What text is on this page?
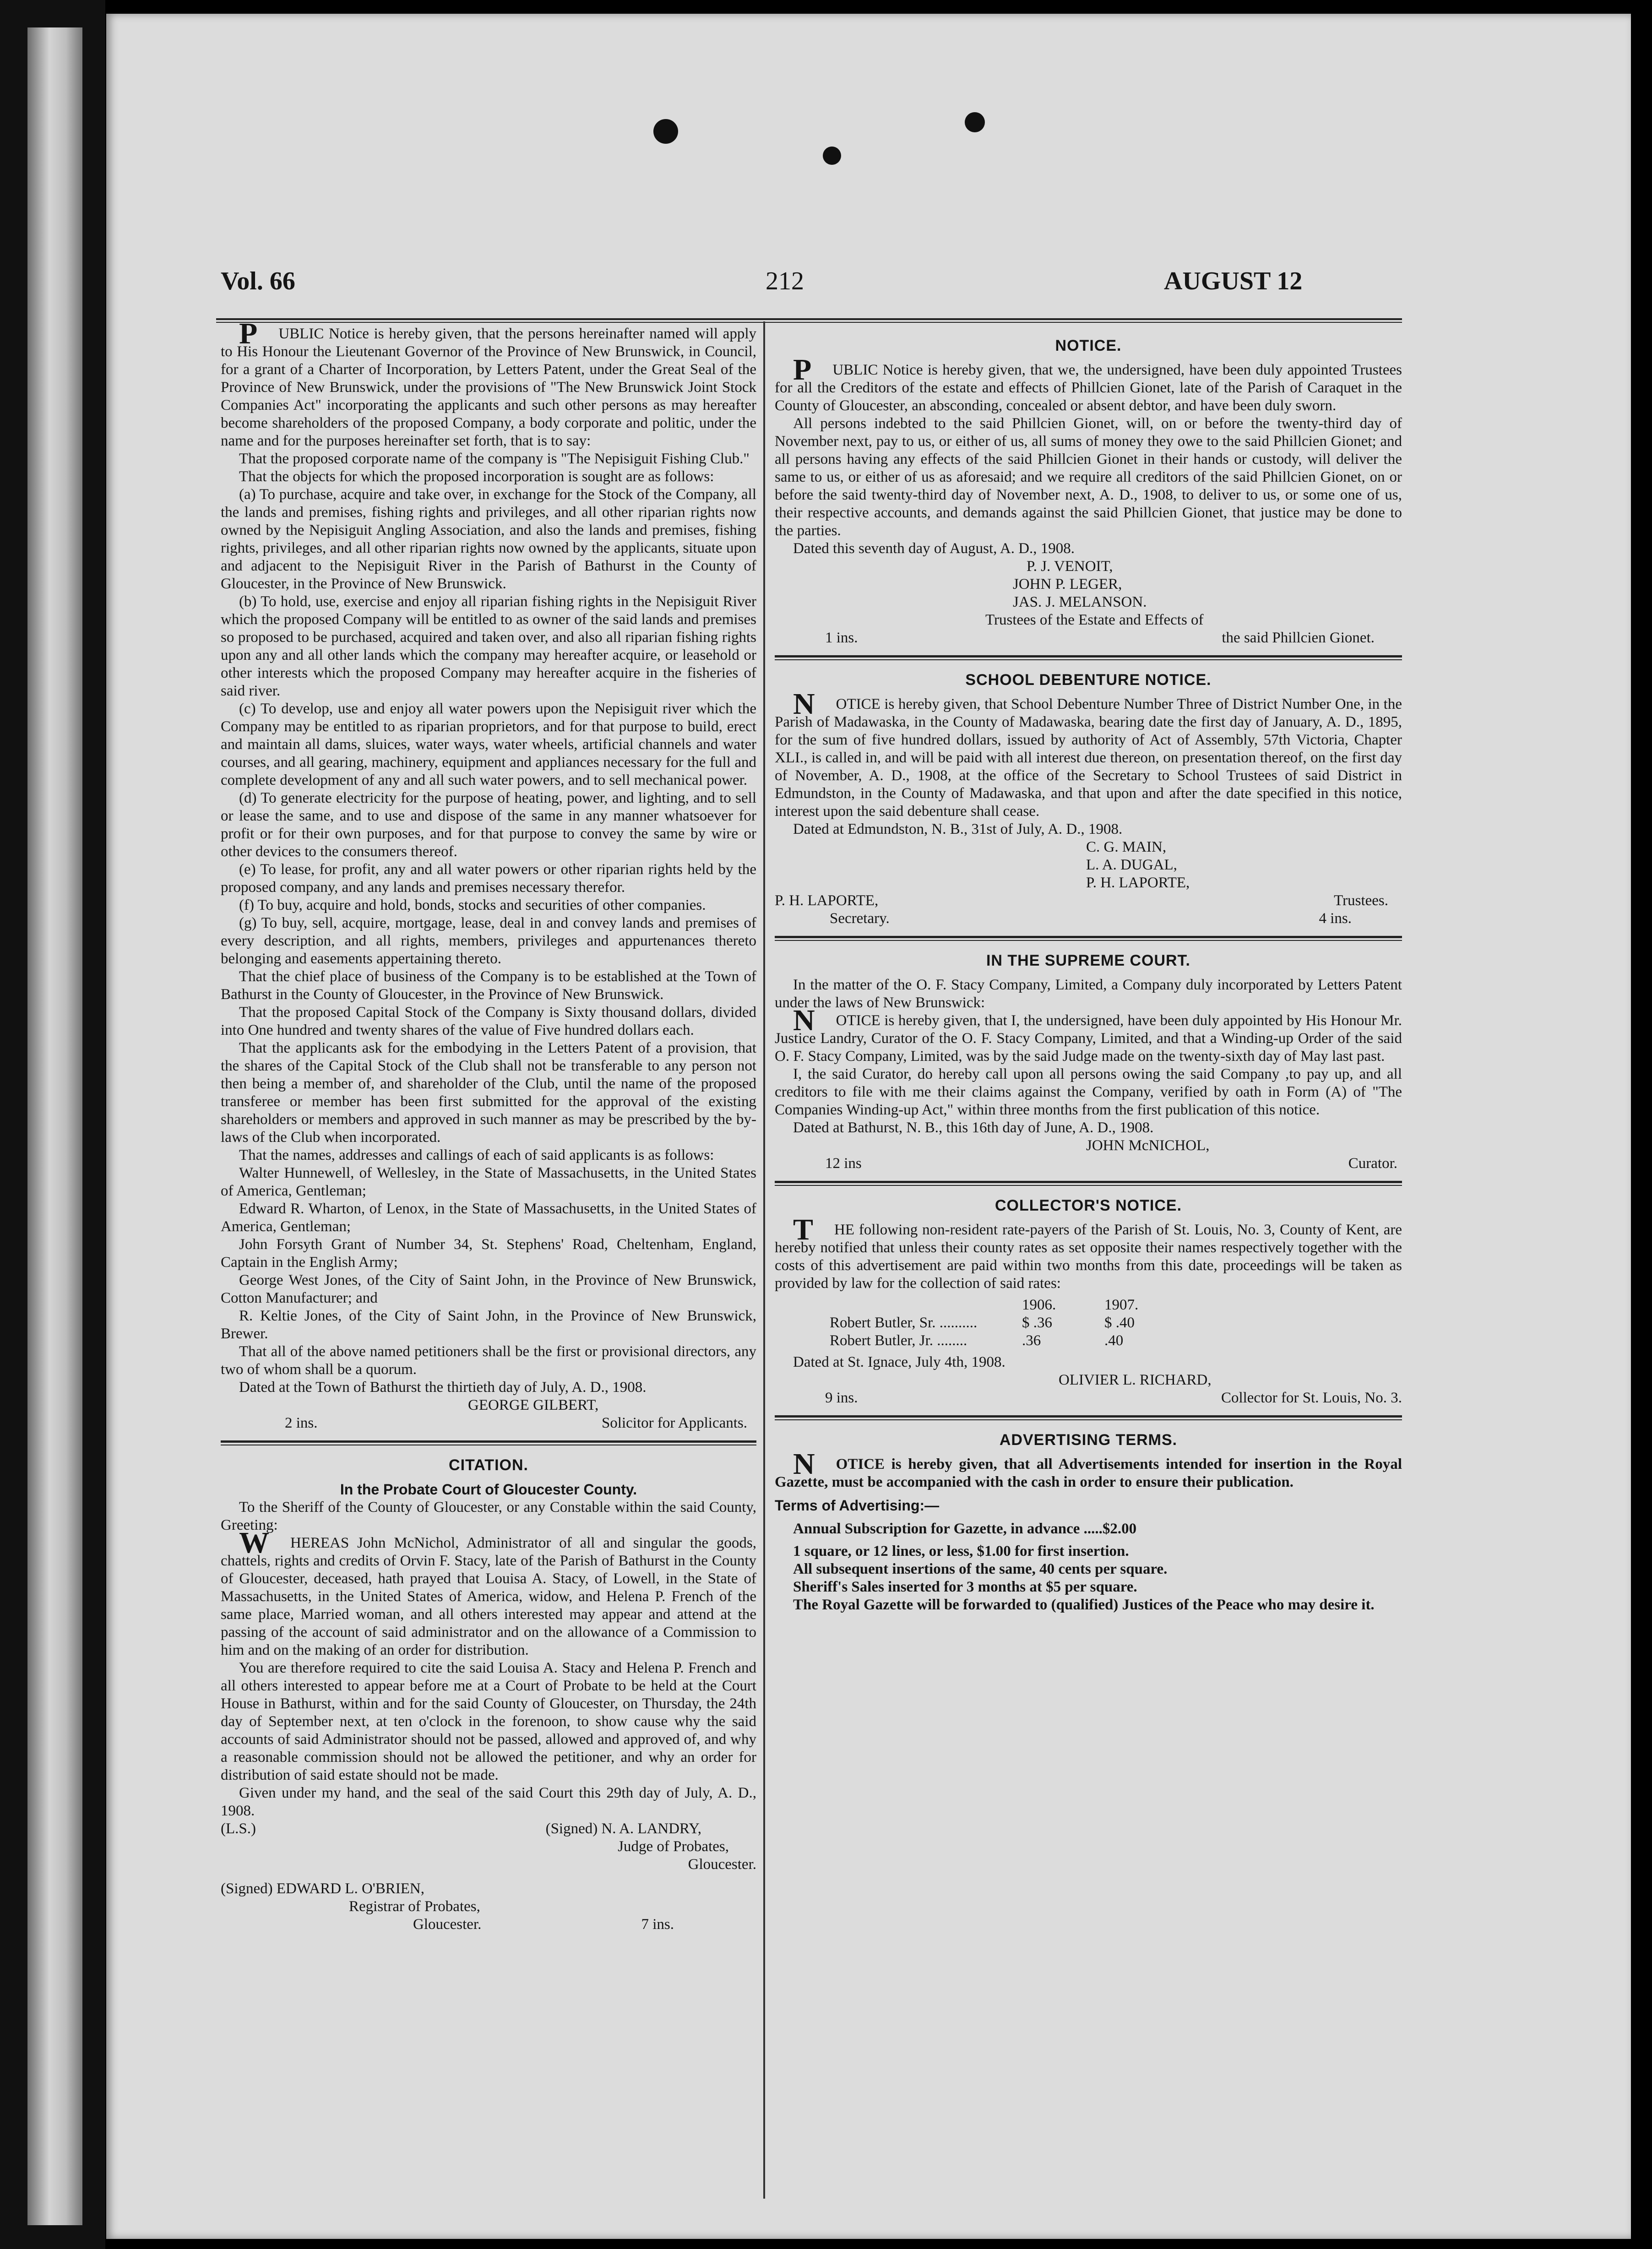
Vol. 66	212	AUGUST 12

PUBLIC Notice is hereby given, that the persons hereinafter named will apply to His Honour the Lieutenant Governor of the Province of New Brunswick, in Council, for a grant of a Charter of Incorporation, by Letters Patent, under the Great Seal of the Province of New Brunswick, under the provisions of "The New Brunswick Joint Stock Companies Act" incorporating the applicants and such other persons as may hereafter become shareholders of the proposed Company, a body corporate and politic, under the name and for the purposes hereinafter set forth, that is to say:

That the proposed corporate name of the company is "The Nepisiguit Fishing Club."

That the objects for which the proposed incorporation is sought are as follows:

(a) To purchase, acquire and take over, in exchange for the Stock of the Company, all the lands and premises, fishing rights and privileges, and all other riparian rights now owned by the Nepisiguit Angling Association, and also the lands and premises, fishing rights, privileges, and all other riparian rights now owned by the applicants, situate upon and adjacent to the Nepisiguit River in the Parish of Bathurst in the County of Gloucester, in the Province of New Brunswick.

(b) To hold, use, exercise and enjoy all riparian fishing rights in the Nepisiguit River which the proposed Company will be entitled to as owner of the said lands and premises so proposed to be purchased, acquired and taken over, and also all riparian fishing rights upon any and all other lands which the company may hereafter acquire, or leasehold or other interests which the proposed Company may hereafter acquire in the fisheries of said river.

(c) To develop, use and enjoy all water powers upon the Nepisiguit river which the Company may be entitled to as riparian proprietors, and for that purpose to build, erect and maintain all dams, sluices, water ways, water wheels, artificial channels and water courses, and all gearing, machinery, equipment and appliances necessary for the full and complete development of any and all such water powers, and to sell mechanical power.

(d) To generate electricity for the purpose of heating, power, and lighting, and to sell or lease the same, and to use and dispose of the same in any manner whatsoever for profit or for their own purposes, and for that purpose to convey the same by wire or other devices to the consumers thereof.

(e) To lease, for profit, any and all water powers or other riparian rights held by the proposed company, and any lands and premises necessary therefor.

(f) To buy, acquire and hold, bonds, stocks and securities of other companies.

(g) To buy, sell, acquire, mortgage, lease, deal in and convey lands and premises of every description, and all rights, members, privileges and appurtenances thereto belonging and easements appertaining thereto.

That the chief place of business of the Company is to be established at the Town of Bathurst in the County of Gloucester, in the Province of New Brunswick.

That the proposed Capital Stock of the Company is Sixty thousand dollars, divided into One hundred and twenty shares of the value of Five hundred dollars each.

That the applicants ask for the embodying in the Letters Patent of a provision, that the shares of the Capital Stock of the Club shall not be transferable to any person not then being a member of, and shareholder of the Club, until the name of the proposed transferee or member has been first submitted for the approval of the existing shareholders or members and approved in such manner as may be prescribed by the by-laws of the Club when incorporated.

That the names, addresses and callings of each of said applicants is as follows:

Walter Hunnewell, of Wellesley, in the State of Massachusetts, in the United States of America, Gentleman;

Edward R. Wharton, of Lenox, in the State of Massachusetts, in the United States of America, Gentleman;

John Forsyth Grant of Number 34, St. Stephens' Road, Cheltenham, England, Captain in the English Army;

George West Jones, of the City of Saint John, in the Province of New Brunswick, Cotton Manufacturer; and

R. Keltie Jones, of the City of Saint John, in the Province of New Brunswick, Brewer.

That all of the above named petitioners shall be the first or provisional directors, any two of whom shall be a quorum.

Dated at the Town of Bathurst the thirtieth day of July, A. D., 1908.

GEORGE GILBERT,

2 ins.	Solicitor for Applicants.

CITATION.

In the Probate Court of Gloucester County.

To the Sheriff of the County of Gloucester, or any Constable within the said County, Greeting:

WHEREAS John McNichol, Administrator of all and singular the goods, chattels, rights and credits of Orvin F. Stacy, late of the Parish of Bathurst in the County of Gloucester, deceased, hath prayed that Louisa A. Stacy, of Lowell, in the State of Massachusetts, in the United States of America, widow, and Helena P. French of the same place, Married woman, and all others interested may appear and attend at the passing of the account of said administrator and on the allowance of a Commission to him and on the making of an order for distribution.

You are therefore required to cite the said Louisa A. Stacy and Helena P. French and all others interested to appear before me at a Court of Probate to be held at the Court House in Bathurst, within and for the said County of Gloucester, on Thursday, the 24th day of September next, at ten o'clock in the forenoon, to show cause why the said accounts of said Administrator should not be passed, allowed and approved of, and why a reasonable commission should not be allowed the petitioner, and why an order for distribution of said estate should not be made.

Given under my hand, and the seal of the said Court this 29th day of July, A. D., 1908.

(L.S.)	(Signed) N. A. LANDRY,

Judge of Probates,

Gloucester.

(Signed) EDWARD L. O'BRIEN,

Registrar of Probates,

Gloucester.	7 ins.

NOTICE.

PUBLIC Notice is hereby given, that we, the undersigned, have been duly appointed Trustees for all the Creditors of the estate and effects of Phillcien Gionet, late of the Parish of Caraquet in the County of Gloucester, an absconding, concealed or absent debtor, and have been duly sworn.

All persons indebted to the said Phillcien Gionet, will, on or before the twenty-third day of November next, pay to us, or either of us, all sums of money they owe to the said Phillcien Gionet; and all persons having any effects of the said Phillcien Gionet in their hands or custody, will deliver the same to us, or either of us as aforesaid; and we require all creditors of the said Phillcien Gionet, on or before the said twenty-third day of November next, A. D., 1908, to deliver to us, or some one of us, their respective accounts, and demands against the said Phillcien Gionet, that justice may be done to the parties.

Dated this seventh day of August, A. D., 1908.

P. J. VENOIT,

JOHN P. LEGER,

JAS. J. MELANSON.

Trustees of the Estate and Effects of

1 ins.	the said Phillcien Gionet.

SCHOOL DEBENTURE NOTICE.

NOTICE is hereby given, that School Debenture Number Three of District Number One, in the Parish of Madawaska, in the County of Madawaska, bearing date the first day of January, A. D., 1895, for the sum of five hundred dollars, issued by authority of Act of Assembly, 57th Victoria, Chapter XLI., is called in, and will be paid with all interest due thereon, on presentation thereof, on the first day of November, A. D., 1908, at the office of the Secretary to School Trustees of said District in Edmundston, in the County of Madawaska, and that upon and after the date specified in this notice, interest upon the said debenture shall cease.

Dated at Edmundston, N. B., 31st of July, A. D., 1908.

C. G. MAIN,

L. A. DUGAL,

P. H. LAPORTE,

P. H. LAPORTE,	Trustees.

Secretary.	4 ins.

IN THE SUPREME COURT.

In the matter of the O. F. Stacy Company, Limited, a Company duly incorporated by Letters Patent under the laws of New Brunswick:

NOTICE is hereby given, that I, the undersigned, have been duly appointed by His Honour Mr. Justice Landry, Curator of the O. F. Stacy Company, Limited, and that a Winding-up Order of the said O. F. Stacy Company, Limited, was by the said Judge made on the twenty-sixth day of May last past.

I, the said Curator, do hereby call upon all persons owing the said Company ,to pay up, and all creditors to file with me their claims against the Company, verified by oath in Form (A) of "The Companies Winding-up Act," within three months from the first publication of this notice.

Dated at Bathurst, N. B., this 16th day of June, A. D., 1908.

JOHN McNICHOL,

12 ins	Curator.

COLLECTOR'S NOTICE.

THE following non-resident rate-payers of the Parish of St. Louis, No. 3, County of Kent, are hereby notified that unless their county rates as set opposite their names respectively together with the costs of this advertisement are paid within two months from this date, proceedings will be taken as provided by law for the collection of said rates:

1906.	1907.
Robert Butler, Sr. ..........	$ .36	$ .40
Robert Butler, Jr. ........	.36	.40

Dated at St. Ignace, July 4th, 1908.

OLIVIER L. RICHARD,

9 ins.	Collector for St. Louis, No. 3.

ADVERTISING TERMS.

NOTICE is hereby given, that all Advertisements intended for insertion in the Royal Gazette, must be accompanied with the cash in order to ensure their publication.

Terms of Advertising:—

Annual Subscription for Gazette, in advance .....$2.00

1 square, or 12 lines, or less, $1.00 for first insertion.

All subsequent insertions of the same, 40 cents per square.

Sheriff's Sales inserted for 3 months at $5 per square.

The Royal Gazette will be forwarded to (qualified) Justices of the Peace who may desire it.
